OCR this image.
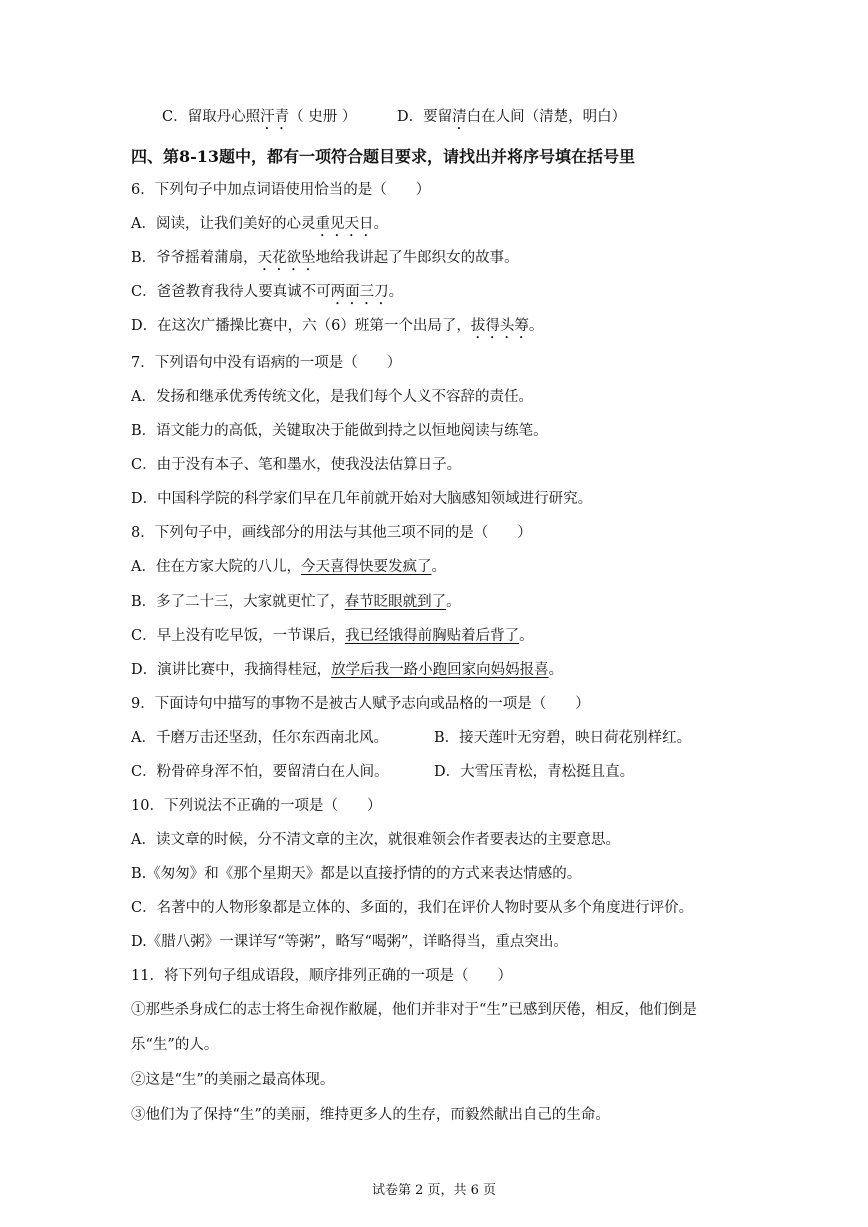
C．留取丹心照汗青（ 史册 ）	D．要留清白在人间（清楚，明白）
四、第8-13题中，都有一项符合题目要求，请找出并将序号填在括号里
6．下列句子中加点词语使用恰当的是（　　）
A．阅读，让我们美好的心灵重见天日。
B．爷爷摇着蒲扇，天花欲坠地给我讲起了牛郎织女的故事。
C．爸爸教育我待人要真诚不可两面三刀。
D．在这次广播操比赛中，六（6）班第一个出局了，拔得头筹。
7．下列语句中没有语病的一项是（　　）
A．发扬和继承优秀传统文化，是我们每个人义不容辞的责任。
B．语文能力的高低，关键取决于能做到持之以恒地阅读与练笔。
C．由于没有本子、笔和墨水，使我没法估算日子。
D．中国科学院的科学家们早在几年前就开始对大脑感知领域进行研究。
8．下列句子中，画线部分的用法与其他三项不同的是（　　）
A．住在方家大院的八儿，今天喜得快要发疯了。
B．多了二十三，大家就更忙了，春节眨眼就到了。
C．早上没有吃早饭，一节课后，我已经饿得前胸贴着后背了。
D．演讲比赛中，我摘得桂冠，放学后我一路小跑回家向妈妈报喜。
9．下面诗句中描写的事物不是被古人赋予志向或品格的一项是（　　）
A．千磨万击还坚劲，任尔东西南北风。	B．接天莲叶无穷碧，映日荷花别样红。
C．粉骨碎身浑不怕，要留清白在人间。	D．大雪压青松，青松挺且直。
10．下列说法不正确的一项是（　　）
A．读文章的时候，分不清文章的主次，就很难领会作者要表达的主要意思。
B.《匆匆》和《那个星期天》都是以直接抒情的的方式来表达情感的。
C．名著中的人物形象都是立体的、多面的，我们在评价人物时要从多个角度进行评价。
D.《腊八粥》一课详写“等粥”，略写“喝粥”，详略得当，重点突出。
11．将下列句子组成语段，顺序排列正确的一项是（　　）
①那些杀身成仁的志士将生命视作敝屣，他们并非对于“生”已感到厌倦，相反，他们倒是
乐“生”的人。
②这是“生”的美丽之最高体现。
③他们为了保持“生”的美丽，维持更多人的生存，而毅然献出自己的生命。
试卷第 2 页，共 6 页
